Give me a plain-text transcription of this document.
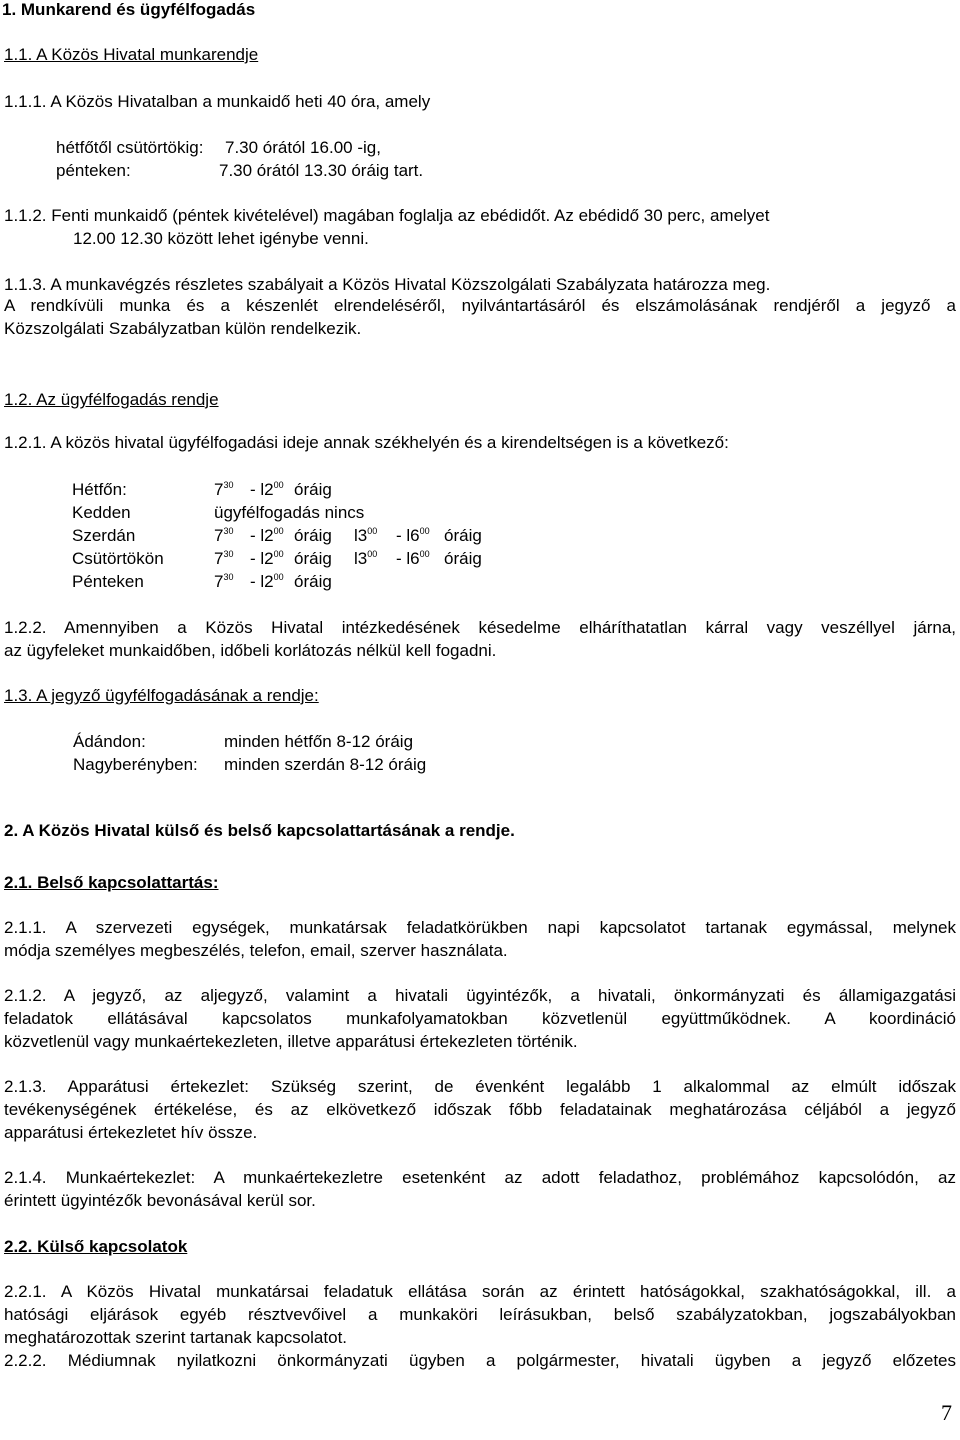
1. Munkarend és ügyfélfogadás
1.1. A Közös Hivatal munkarendje
1.1.1. A Közös Hivatalban a munkaidő heti 40 óra, amely
hétfőtől csütörtökig: 7.30 órától 16.00 -ig,
pénteken:	7.30 órától 13.30 óráig tart.
1.1.2. Fenti munkaidő (péntek kivételével) magában foglalja az ebédidőt. Az ebédidő 30 perc, amelyet
12.00 12.30 között lehet igénybe venni.
1.1.3. A munkavégzés részletes szabályait a Közös Hivatal Közszolgálati Szabályzata határozza meg.
A rendkívüli munka és a készenlét elrendeléséről, nyilvántartásáról és elszámolásának rendjéről a jegyző a
Közszolgálati Szabályzatban külön rendelkezik.
1.2. Az ügyfélfogadás rendje
1.2.1. A közös hivatal ügyfélfogadási ideje annak székhelyén és a kirendeltségen is a következő:
Hétfőn:	$7^{30} - l2^{00}$ óráig
Kedden	ügyfélfogadás nincs
Szerdán	$7^{30} - l2^{00}$ óráig $l3^{00} - l6^{00}$ óráig
Csütörtökön	$7^{30} - l2^{00}$ óráig $l3^{00} - l6^{00}$ óráig
Pénteken	$7^{30} - l2^{00}$ óráig
1.2.2. Amennyiben a Közös Hivatal intézkedésének késedelme elháríthatatlan kárral vagy veszéllyel járna,
az ügyfeleket munkaidőben, időbeli korlátozás nélkül kell fogadni.
1.3. A jegyző ügyfélfogadásának a rendje:
Ádándon:	minden hétfőn 8-12 óráig
Nagyberényben: minden szerdán 8-12 óráig
2. A Közös Hivatal külső és belső kapcsolattartásának a rendje.
2.1. Belső kapcsolattartás:
2.1.1. A szervezeti egységek, munkatársak feladatkörükben napi kapcsolatot tartanak egymással, melynek
módja személyes megbeszélés, telefon, email, szerver használata.
2.1.2. A jegyző, az aljegyző, valamint a hivatali ügyintézők, a hivatali, önkormányzati és államigazgatási
feladatok ellátásával kapcsolatos munkafolyamatokban közvetlenül együttműködnek. A koordináció
közvetlenül vagy munkaértekezleten, illetve apparátusi értekezleten történik.
2.1.3. Apparátusi értekezlet: Szükség szerint, de évenként legalább 1 alkalommal az elmúlt időszak
tevékenységének értékelése, és az elkövetkező időszak főbb feladatainak meghatározása céljából a jegyző
apparátusi értekezletet hív össze.
2.1.4. Munkaértekezlet: A munkaértekezletre esetenként az adott feladathoz, problémához kapcsolódón, az
érintett ügyintézők bevonásával kerül sor.
2.2. Külső kapcsolatok
2.2.1. A Közös Hivatal munkatársai feladatuk ellátása során az érintett hatóságokkal, szakhatóságokkal, ill. a
hatósági eljárások egyéb résztvevőivel a munkaköri leírásukban, belső szabályzatokban, jogszabályokban
meghatározottak szerint tartanak kapcsolatot.
2.2.2. Médiumnak nyilatkozni önkormányzati ügyben a polgármester, hivatali ügyben a jegyző előzetes
7
